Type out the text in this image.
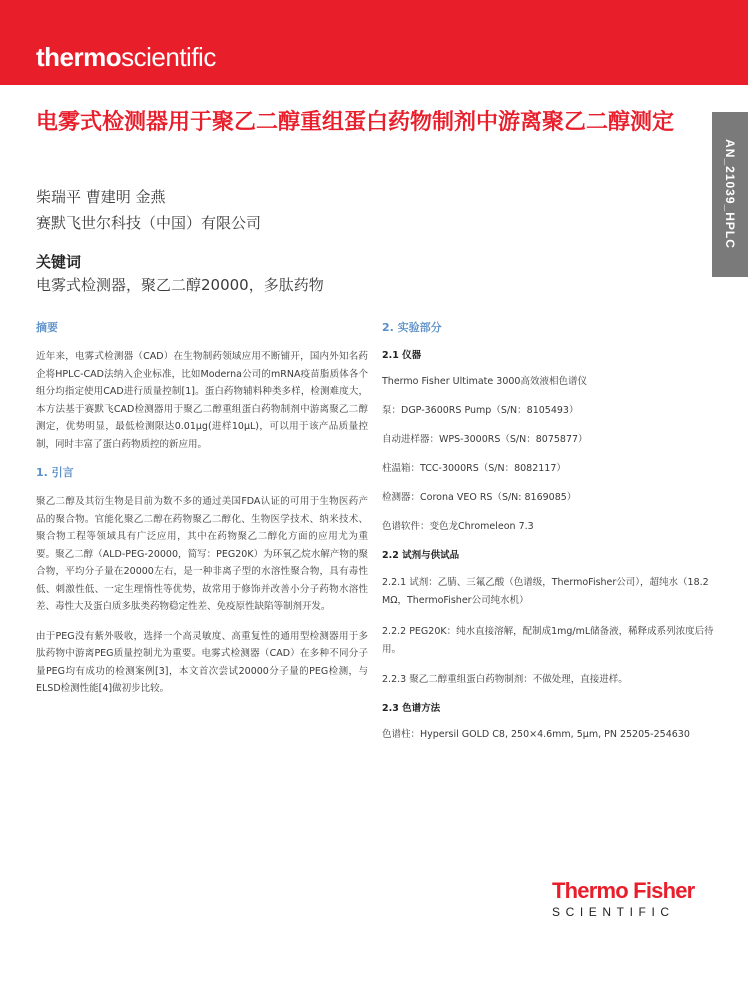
thermoscientific
AN_21039_HPLC
电雾式检测器用于聚乙二醇重组蛋白药物制剂中游离聚乙二醇测定
柴瑞平 曹建明 金燕
赛默飞世尔科技（中国）有限公司
关键词
电雾式检测器，聚乙二醇20000，多肽药物
摘要

近年来，电雾式检测器（CAD）在生物制药领域应用不断铺开，国内外知名药企将HPLC-CAD法纳入企业标准，比如Moderna公司的mRNA疫苗脂质体各个组分均指定使用CAD进行质量控制[1]。蛋白药物辅料种类多样，检测难度大，本方法基于赛默飞CAD检测器用于聚乙二醇重组蛋白药物制剂中游离聚乙二醇测定，优势明显，最低检测限达0.01μg(进样10μL)，可以用于该产品质量控制，同时丰富了蛋白药物质控的新应用。

1. 引言

聚乙二醇及其衍生物是目前为数不多的通过美国FDA认证的可用于生物医药产品的聚合物。官能化聚乙二醇在药物聚乙二醇化、生物医学技术、纳米技术、聚合物工程等领域具有广泛应用，其中在药物聚乙二醇化方面的应用尤为重要。聚乙二醇（ALD-PEG-20000，简写：PEG20K）为环氧乙烷水解产物的聚合物，平均分子量在20000左右，是一种非离子型的水溶性聚合物，具有毒性低、刺激性低、一定生理惰性等优势，故常用于修饰并改善小分子药物水溶性差、毒性大及蛋白质多肽类药物稳定性差、免疫原性缺陷等制剂开发。

由于PEG没有紫外吸收，选择一个高灵敏度、高重复性的通用型检测器用于多肽药物中游离PEG质量控制尤为重要。电雾式检测器（CAD）在多种不同分子量PEG均有成功的检测案例[3]，本文首次尝试20000分子量的PEG检测，与ELSD检测性能[4]做初步比较。

2. 实验部分
2.1 仪器
Thermo Fisher Ultimate 3000高效液相色谱仪
泵：DGP-3600RS Pump（S/N：8105493）
自动进样器：WPS-3000RS（S/N：8075877）
柱温箱：TCC-3000RS（S/N：8082117）
检测器：Corona VEO RS（S/N: 8169085）
色谱软件：变色龙Chromeleon 7.3
2.2 试剂与供试品
2.2.1 试剂：乙腈、三氟乙酸（色谱级，ThermoFisher公司），超纯水（18.2 MΩ，ThermoFisher公司纯水机）
2.2.2 PEG20K：纯水直接溶解，配制成1mg/mL储备液，稀释成系列浓度后待用。
2.2.3 聚乙二醇重组蛋白药物制剂：不做处理，直接进样。
2.3 色谱方法
色谱柱：Hypersil GOLD C8, 250×4.6mm, 5μm, PN 25205-254630
Thermo Fisher
SCIENTIFIC
